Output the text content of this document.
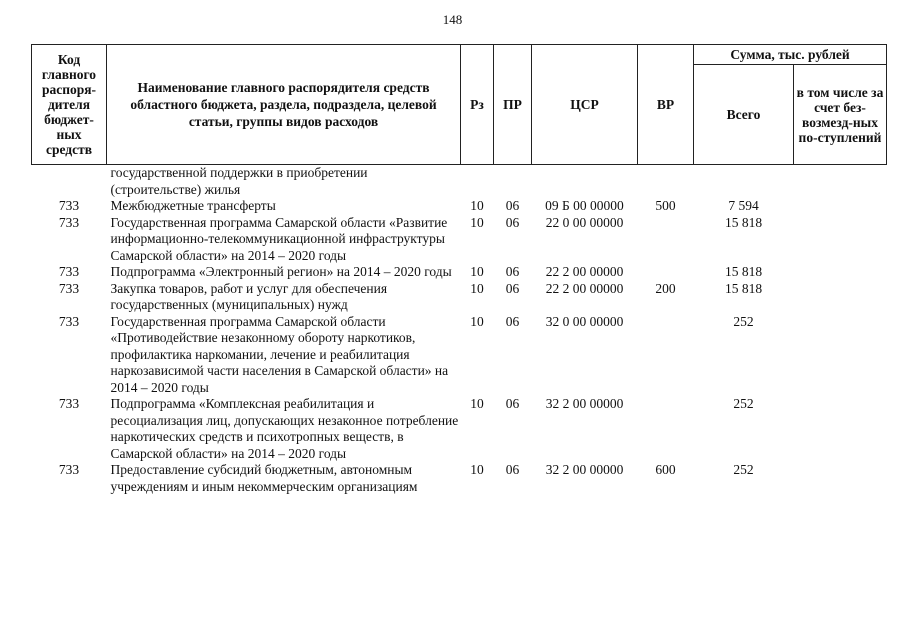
148
Код главного распоря-дителя бюджет-ных средств	Наименование главного распорядителя средств областного бюджета, раздела, подраздела, целевой статьи, группы видов расходов	Рз	ПР	ЦСР	ВР	Сумма, тыс. рублей	
						Всего	в том числе за счет без-возмезд-ных по-ступлений
	государственной поддержки в приобретении (строительстве) жилья						
733	Межбюджетные трансферты	10	06	09 Б 00 00000	500	7 594	
733	Государственная программа Самарской области «Развитие информационно-телекоммуникационной инфраструктуры Самарской области» на 2014 – 2020 годы	10	06	22 0 00 00000		15 818	
733	Подпрограмма «Электронный регион» на 2014 – 2020 годы	10	06	22 2 00 00000		15 818	
733	Закупка товаров, работ и услуг для обеспечения государственных (муниципальных) нужд	10	06	22 2 00 00000	200	15 818	
733	Государственная программа Самарской области «Противодействие незаконному обороту наркотиков, профилактика наркомании, лечение и реабилитация наркозависимой части населения в Самарской области» на 2014 – 2020 годы	10	06	32 0 00 00000		252	
733	Подпрограмма «Комплексная реабилитация и ресоциализация лиц, допускающих незаконное потребление наркотических средств и психотропных веществ, в Самарской области» на 2014 – 2020 годы	10	06	32 2 00 00000		252	
733	Предоставление субсидий бюджетным, автономным учреждениям и иным некоммерческим организациям	10	06	32 2 00 00000	600	252	
